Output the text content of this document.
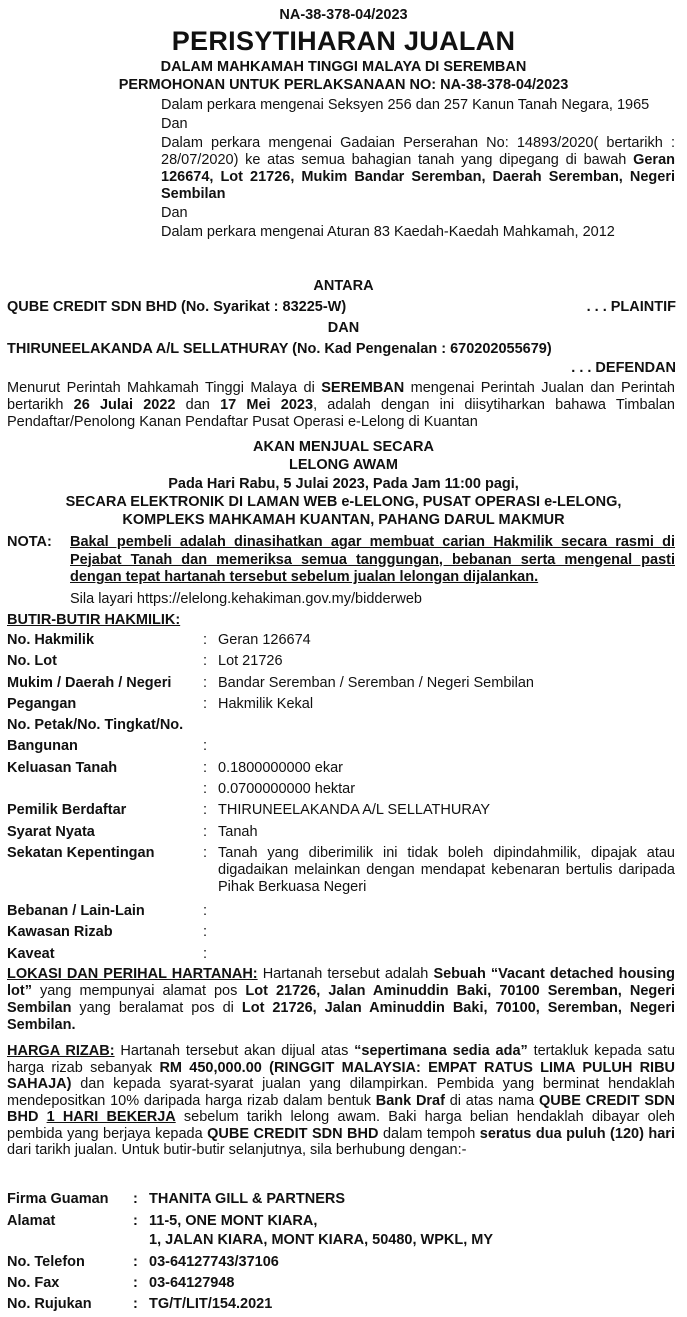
NA-38-378-04/2023
PERISYTIHARAN JUALAN
DALAM MAHKAMAH TINGGI MALAYA DI SEREMBAN
PERMOHONAN UNTUK PERLAKSANAAN NO: NA-38-378-04/2023

Dalam perkara mengenai Seksyen 256 dan 257 Kanun Tanah Negara, 1965

Dan

Dalam perkara mengenai Gadaian Perserahan No: 14893/2020( bertarikh : 28/07/2020) ke atas semua bahagian tanah yang dipegang di bawah Geran 126674, Lot 21726, Mukim Bandar Seremban, Daerah Seremban, Negeri Sembilan

Dan

Dalam perkara mengenai Aturan 83 Kaedah-Kaedah Mahkamah, 2012

ANTARA
QUBE CREDIT SDN BHD (No. Syarikat : 83225-W)	. . . PLAINTIF
DAN
THIRUNEELAKANDA A/L SELLATHURAY (No. Kad Pengenalan : 670202055679)
. . . DEFENDAN
Menurut Perintah Mahkamah Tinggi Malaya di SEREMBAN mengenai Perintah Jualan dan Perintah bertarikh 26 Julai 2022 dan 17 Mei 2023, adalah dengan ini diisytiharkan bahawa Timbalan Pendaftar/Penolong Kanan Pendaftar Pusat Operasi e-Lelong di Kuantan
AKAN MENJUAL SECARA
LELONG AWAM
Pada Hari Rabu, 5 Julai 2023, Pada Jam 11:00 pagi,
SECARA ELEKTRONIK DI LAMAN WEB e-LELONG, PUSAT OPERASI e-LELONG,
KOMPLEKS MAHKAMAH KUANTAN, PAHANG DARUL MAKMUR
NOTA: Bakal pembeli adalah dinasihatkan agar membuat carian Hakmilik secara rasmi di Pejabat Tanah dan memeriksa semua tanggungan, bebanan serta mengenal pasti dengan tepat hartanah tersebut sebelum jualan lelongan dijalankan.
Sila layari https://elelong.kehakiman.gov.my/bidderweb
BUTIR-BUTIR HAKMILIK:
No. Hakmilik	: Geran 126674
No. Lot	: Lot 21726
Mukim / Daerah / Negeri	: Bandar Seremban / Seremban / Negeri Sembilan
Pegangan	: Hakmilik Kekal
No. Petak/No. Tingkat/No.
Bangunan	:
Keluasan Tanah	: 0.1800000000 ekar
: 0.0700000000 hektar
Pemilik Berdaftar	: THIRUNEELAKANDA A/L SELLATHURAY
Syarat Nyata	: Tanah
Sekatan Kepentingan	: Tanah yang diberimilik ini tidak boleh dipindahmilik, dipajak atau digadaikan melainkan dengan mendapat kebenaran bertulis daripada Pihak Berkuasa Negeri
Bebanan / Lain-Lain	:
Kawasan Rizab	:
Kaveat	:
LOKASI DAN PERIHAL HARTANAH: Hartanah tersebut adalah Sebuah “Vacant detached housing lot” yang mempunyai alamat pos Lot 21726, Jalan Aminuddin Baki, 70100 Seremban, Negeri Sembilan yang beralamat pos di Lot 21726, Jalan Aminuddin Baki, 70100, Seremban, Negeri Sembilan.
HARGA RIZAB: Hartanah tersebut akan dijual atas “sepertimana sedia ada” tertakluk kepada satu harga rizab sebanyak RM 450,000.00 (RINGGIT MALAYSIA: EMPAT RATUS LIMA PULUH RIBU SAHAJA) dan kepada syarat-syarat jualan yang dilampirkan. Pembida yang berminat hendaklah mendepositkan 10% daripada harga rizab dalam bentuk Bank Draf di atas nama QUBE CREDIT SDN BHD 1 HARI BEKERJA sebelum tarikh lelong awam. Baki harga belian hendaklah dibayar oleh pembida yang berjaya kepada QUBE CREDIT SDN BHD dalam tempoh seratus dua puluh (120) hari dari tarikh jualan. Untuk butir-butir selanjutnya, sila berhubung dengan:-
Firma Guaman	: THANITA GILL & PARTNERS
Alamat	: 11-5, ONE MONT KIARA,
1, JALAN KIARA, MONT KIARA, 50480, WPKL, MY
No. Telefon	: 03-64127743/37106
No. Fax	: 03-64127948
No. Rujukan	: TG/T/LIT/154.2021
